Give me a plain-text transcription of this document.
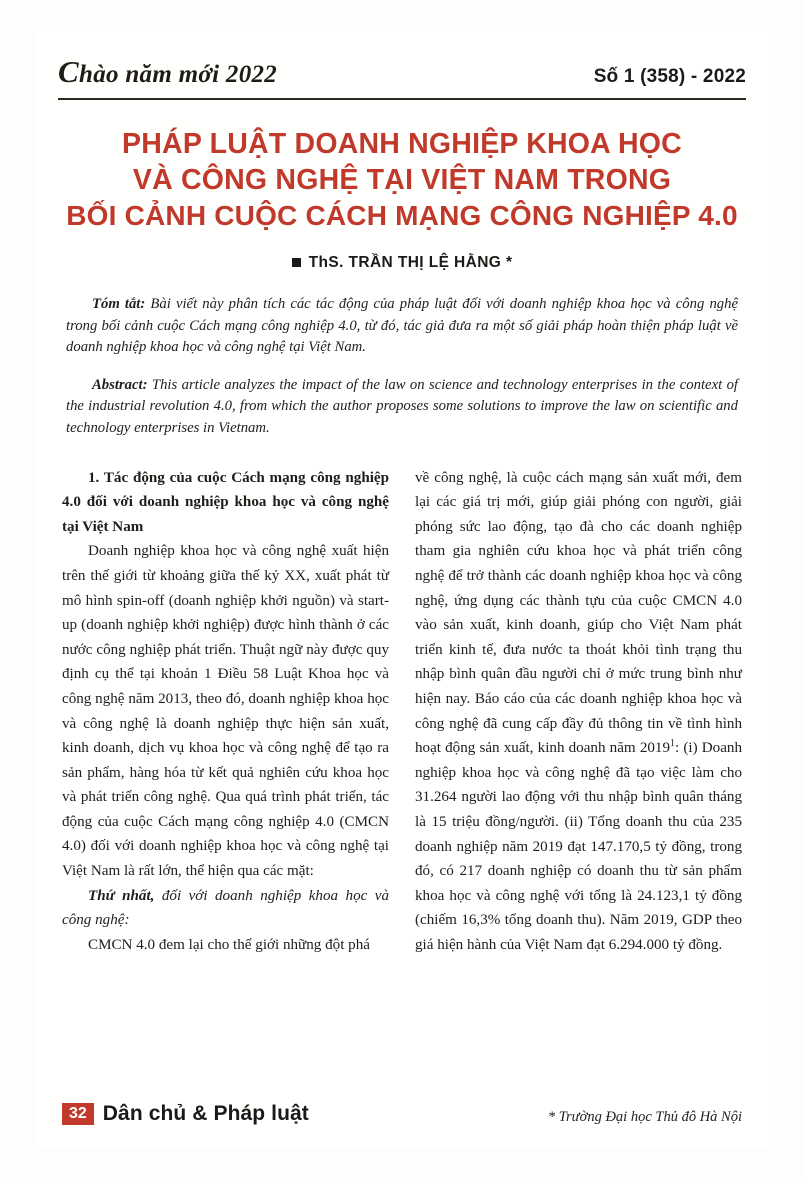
Chào năm mới 2022	Số 1 (358) - 2022
PHÁP LUẬT DOANH NGHIỆP KHOA HỌC
VÀ CÔNG NGHỆ TẠI VIỆT NAM TRONG
BỐI CẢNH CUỘC CÁCH MẠNG CÔNG NGHIỆP 4.0
ThS. TRẦN THỊ LỆ HẰNG *
Tóm tắt: Bài viết này phân tích các tác động của pháp luật đối với doanh nghiệp khoa học và công nghệ trong bối cảnh cuộc Cách mạng công nghiệp 4.0, từ đó, tác giả đưa ra một số giải pháp hoàn thiện pháp luật về doanh nghiệp khoa học và công nghệ tại Việt Nam.
Abstract: This article analyzes the impact of the law on science and technology enterprises in the context of the industrial revolution 4.0, from which the author proposes some solutions to improve the law on scientific and technology enterprises in Vietnam.

1. Tác động của cuộc Cách mạng công nghiệp 4.0 đối với doanh nghiệp khoa học và công nghệ tại Việt Nam

Doanh nghiệp khoa học và công nghệ xuất hiện trên thế giới từ khoảng giữa thế kỷ XX, xuất phát từ mô hình spin-off (doanh nghiệp khởi nguồn) và start-up (doanh nghiệp khởi nghiệp) được hình thành ở các nước công nghiệp phát triển. Thuật ngữ này được quy định cụ thể tại khoản 1 Điều 58 Luật Khoa học và công nghệ năm 2013, theo đó, doanh nghiệp khoa học và công nghệ là doanh nghiệp thực hiện sản xuất, kinh doanh, dịch vụ khoa học và công nghệ để tạo ra sản phẩm, hàng hóa từ kết quả nghiên cứu khoa học và phát triển công nghệ. Qua quá trình phát triển, tác động của cuộc Cách mạng công nghiệp 4.0 (CMCN 4.0) đối với doanh nghiệp khoa học và công nghệ tại Việt Nam là rất lớn, thể hiện qua các mặt:

Thứ nhất, đối với doanh nghiệp khoa học và công nghệ:

CMCN 4.0 đem lại cho thế giới những đột phá

về công nghệ, là cuộc cách mạng sản xuất mới, đem lại các giá trị mới, giúp giải phóng con người, giải phóng sức lao động, tạo đà cho các doanh nghiệp tham gia nghiên cứu khoa học và phát triển công nghệ để trở thành các doanh nghiệp khoa học và công nghệ, ứng dụng các thành tựu của cuộc CMCN 4.0 vào sản xuất, kinh doanh, giúp cho Việt Nam phát triển kinh tế, đưa nước ta thoát khỏi tình trạng thu nhập bình quân đầu người chỉ ở mức trung bình như hiện nay. Báo cáo của các doanh nghiệp khoa học và công nghệ đã cung cấp đầy đủ thông tin về tình hình hoạt động sản xuất, kinh doanh năm 2019$^1$: (i) Doanh nghiệp khoa học và công nghệ đã tạo việc làm cho 31.264 người lao động với thu nhập bình quân tháng là 15 triệu đồng/người. (ii) Tổng doanh thu của 235 doanh nghiệp năm 2019 đạt 147.170,5 tỷ đồng, trong đó, có 217 doanh nghiệp có doanh thu từ sản phẩm khoa học và công nghệ với tổng là 24.123,1 tỷ đồng (chiếm 16,3% tổng doanh thu). Năm 2019, GDP theo giá hiện hành của Việt Nam đạt 6.294.000 tỷ đồng.

32 Dân chủ & Pháp luật	* Trường Đại học Thủ đô Hà Nội
